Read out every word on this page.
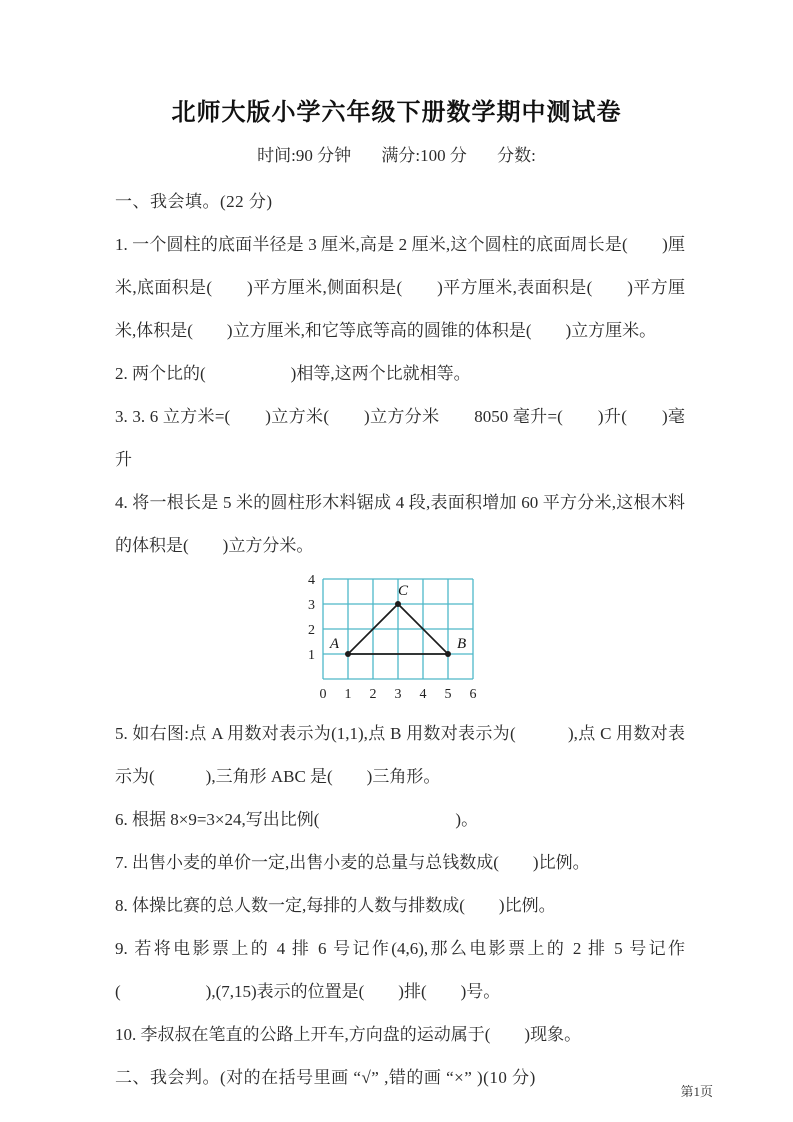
北师大版小学六年级下册数学期中测试卷
时间:90 分钟 满分:100 分 分数:

一、我会填。(22 分)

1. 一个圆柱的底面半径是 3 厘米,高是 2 厘米,这个圆柱的底面周长是(　　)厘米,底面积是(　　)平方厘米,侧面积是(　　)平方厘米,表面积是(　　)平方厘米,体积是(　　)立方厘米,和它等底等高的圆锥的体积是(　　)立方厘米。

2. 两个比的(　　　　　)相等,这两个比就相等。

3. 3. 6 立方米=(　　)立方米(　　)立方分米　　8050 毫升=(　　)升(　　)毫升

4. 将一根长是 5 米的圆柱形木料锯成 4 段,表面积增加 60 平方分米,这根木料的体积是(　　)立方分米。

0 1 2 3 4 5 6
1
2
3
4
A	B
C

5. 如右图:点 A 用数对表示为(1,1),点 B 用数对表示为(　　　),点 C 用数对表示为(　　　),三角形 ABC 是(　　)三角形。

6. 根据 8×9=3×24,写出比例(　　　　　　　　)。

7. 出售小麦的单价一定,出售小麦的总量与总钱数成(　　)比例。

8. 体操比赛的总人数一定,每排的人数与排数成(　　)比例。

9. 若将电影票上的 4 排 6 号记作(4,6),那么电影票上的 2 排 5 号记作(　　　　　),(7,15)表示的位置是(　　)排(　　)号。

10. 李叔叔在笔直的公路上开车,方向盘的运动属于(　　)现象。

二、我会判。(对的在括号里画 “√” ,错的画 “×” )(10 分)

第1页
